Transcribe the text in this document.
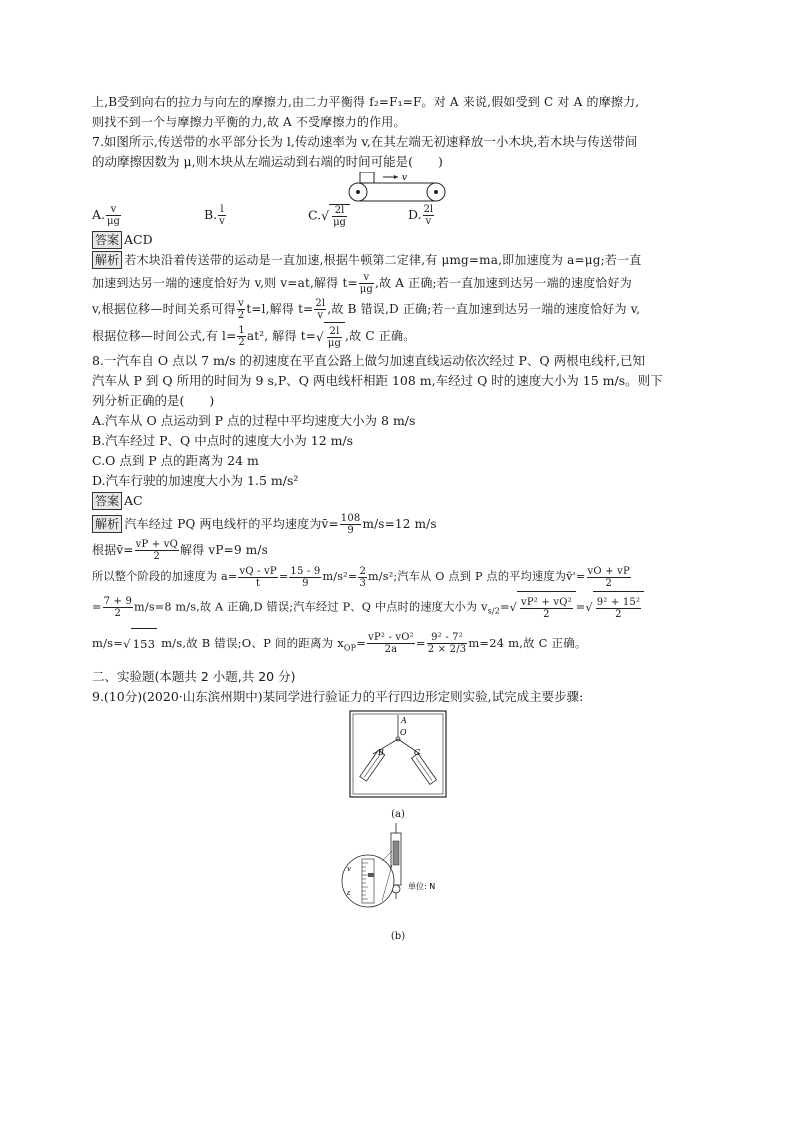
上,B受到向右的拉力与向左的摩擦力,由二力平衡得 f₂=F₁=F。对 A 来说,假如受到 C 对 A 的摩擦力,

则找不到一个与摩擦力平衡的力,故 A 不受摩擦力的作用。

7.如图所示,传送带的水平部分长为 l,传动速率为 v,在其左端无初速释放一小木块,若木块与传送带间

的动摩擦因数为 μ,则木块从左端运动到右端的时间可能是(　　)

v
A. $\frac{v}{\mu g}$	B. $\frac{l}{v}$	$C.√ \frac{2l}{\mu g}$	D. $\frac{2l}{v}$

答案 ACD

解析 若木块沿着传送带的运动是一直加速,根据牛顿第二定律,有 μmg=ma,即加速度为 a=μg;若一直

加速到达另一端的速度恰好为 v,则 v=at,解得 $t= \frac{v}{\mu g}$ ,故 A 正确;若一直加速到达另一端的速度恰好为

v,根据位移—时间关系可得 $\frac{v}{2} t=l$,解得 $t= \frac{2l}{v}$ ,故 B 错误,D 正确;若一直加速到达另一端的速度恰好为 v,

根据位移—时间公式,有 $l= \frac{1}{2} at^2$, 解得 $t=√ \frac{2l}{\mu g}$ ,故 C 正确。

8.一汽车自 O 点以 7 m/s 的初速度在平直公路上做匀加速直线运动依次经过 P、Q 两根电线杆,已知

汽车从 P 到 Q 所用的时间为 9 s,P、Q 两电线杆相距 108 m,车经过 Q 时的速度大小为 15 m/s。则下

列分析正确的是(　　)

A.汽车从 O 点运动到 P 点的过程中平均速度大小为 8 m/s

B.汽车经过 P、Q 中点时的速度大小为 12 m/s

C.O 点到 P 点的距离为 24 m

D.汽车行驶的加速度大小为 1.5 m/s²

答案 AC

解析 汽车经过 PQ 两电线杆的平均速度为v̄= $\frac{108}{9} m/s=12$ m/s

根据v̄= $\frac{vP + vQ}{2}$ 解得 vP=9 m/s

所以整个阶段的加速度为 $a= \frac{vQ - vP}{t} = \frac{15 - 9}{9} m/s^2= \frac{2}{3} m/s^2$;汽车从 O 点到 P 点的平均速度为v̄'= $\frac{vO + vP}{2}$

= $\frac{7 + 9}{2} m/s=8$ m/s,故 A 正确,D 错误;汽车经过 P、Q 中点时的速度大小为 $v_{s/2}=√ \frac{\text{vP² + vQ²}}{2}$ =√ $\frac{\text{9² + 15²}}{2}$

m/s=√ 153 m/s,故 B 错误;O、P 间的距离为 $x_{OP}= \frac{\text{vP² - vO²}}{2a} = \frac{\text{9² - 7²}}{2 \times 2/3} m=24$ m,故 C 正确。

二、实验题(本题共 2 小题,共 20 分)

9.(10分)(2020·山东滨州期中)某同学进行验证力的平行四边形定则实验,试完成主要步骤:

A
O
B	C

(a)

v
ε
单位: N

(b)
